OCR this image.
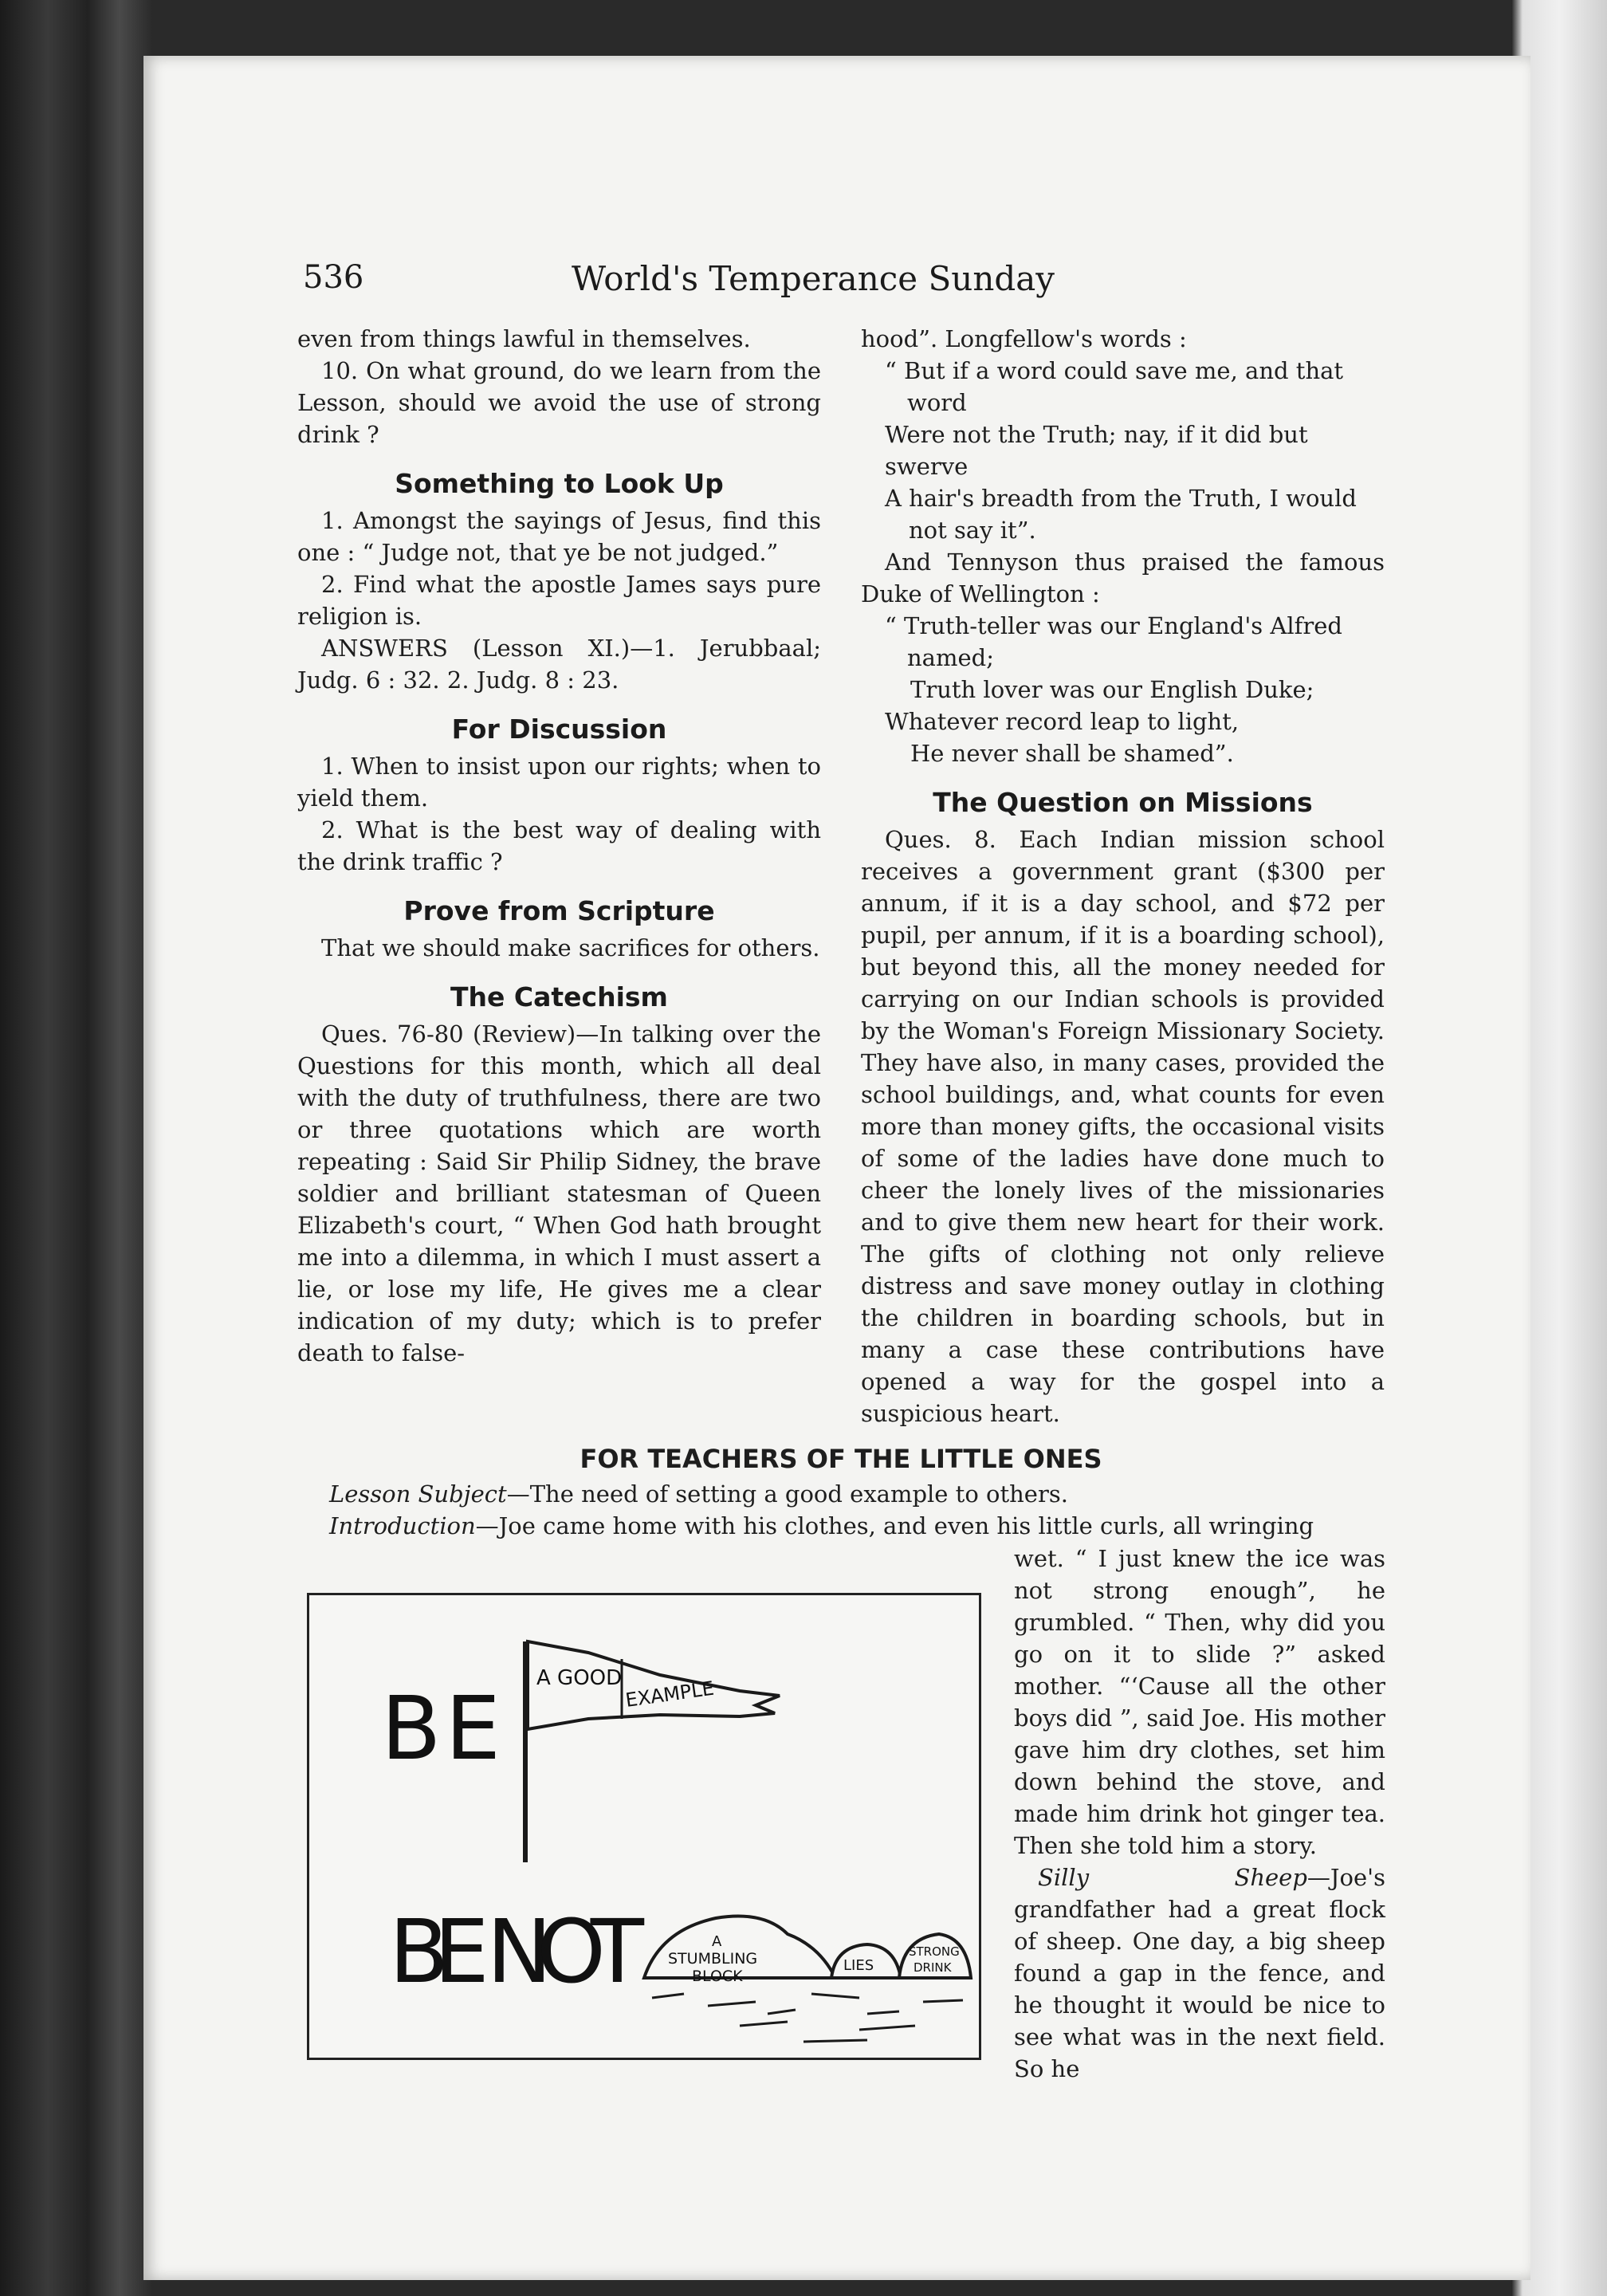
536	World's Temperance Sunday

even from things lawful in themselves.

10. On what ground, do we learn from the Lesson, should we avoid the use of strong drink ?

Something to Look Up

1. Amongst the sayings of Jesus, find this one : “ Judge not, that ye be not judged.”

2. Find what the apostle James says pure religion is.

ANSWERS (Lesson XI.)—1. Jerubbaal; Judg. 6 : 32. 2. Judg. 8 : 23.

For Discussion

1. When to insist upon our rights; when to yield them.

2. What is the best way of dealing with the drink traffic ?

Prove from Scripture

That we should make sacrifices for others.

The Catechism

Ques. 76-80 (Review)—In talking over the Questions for this month, which all deal with the duty of truthfulness, there are two or three quotations which are worth repeating : Said Sir Philip Sidney, the brave soldier and brilliant statesman of Queen Elizabeth's court, “ When God hath brought me into a dilemma, in which I must assert a lie, or lose my life, He gives me a clear indication of my duty; which is to prefer death to false-

hood”. Longfellow's words :

“ But if a word could save me, and that word

Were not the Truth; nay, if it did but swerve

A hair's breadth from the Truth, I would not say it”.

And Tennyson thus praised the famous Duke of Wellington :

“ Truth-teller was our England's Alfred named;

Truth lover was our English Duke;

Whatever record leap to light,

He never shall be shamed”.

The Question on Missions

Ques. 8. Each Indian mission school receives a government grant ($300 per annum, if it is a day school, and $72 per pupil, per annum, if it is a boarding school), but beyond this, all the money needed for carrying on our Indian schools is provided by the Woman's Foreign Missionary Society. They have also, in many cases, provided the school buildings, and, what counts for even more than money gifts, the occasional visits of some of the ladies have done much to cheer the lonely lives of the missionaries and to give them new heart for their work. The gifts of clothing not only relieve distress and save money outlay in clothing the children in boarding schools, but in many a case these contributions have opened a way for the gospel into a suspicious heart.

FOR TEACHERS OF THE LITTLE ONES

Lesson Subject—The need of setting a good example to others.

Introduction—Joe came home with his clothes, and even his little curls, all wringing

A GOOD EXAMPLE
BE
BE NOT	A
STUMBLING
BLOCK
LIES
STRONG
DRINK

wet. “ I just knew the ice was not strong enough”, he grumbled. “ Then, why did you go on it to slide ?” asked mother. “‘Cause all the other boys did ”, said Joe. His mother gave him dry clothes, set him down behind the stove, and made him drink hot ginger tea. Then she told him a story.

Silly Sheep—Joe's grandfather had a great flock of sheep. One day, a big sheep found a gap in the fence, and he thought it would be nice to see what was in the next field. So he
